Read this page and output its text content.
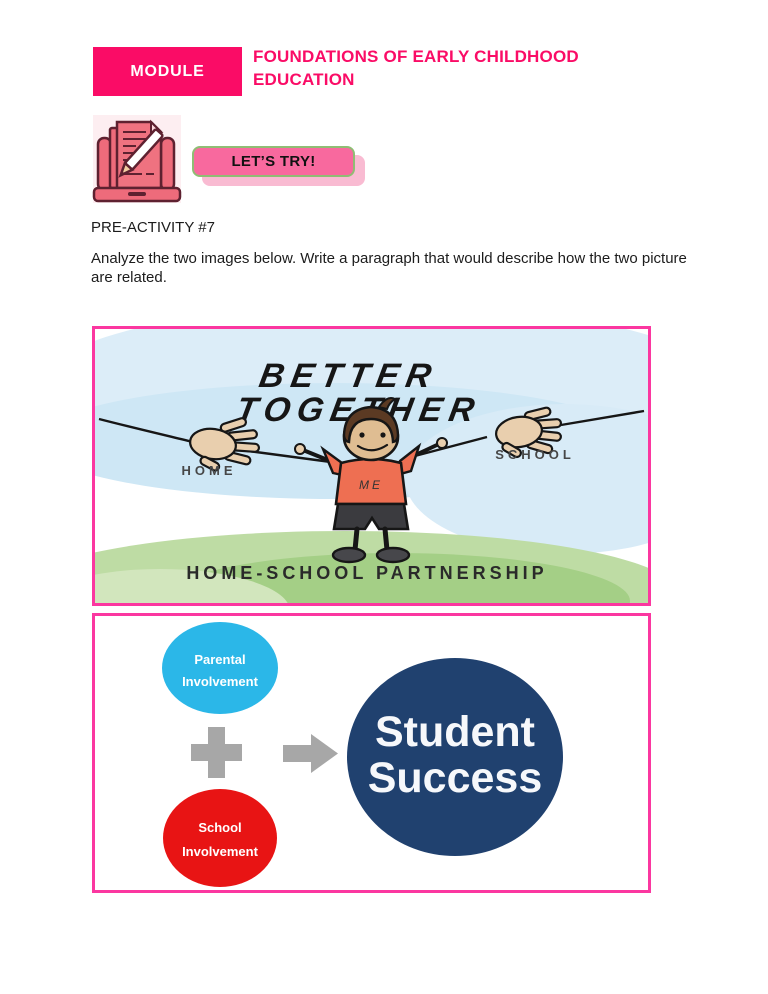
MODULE
FOUNDATIONS OF EARLY CHILDHOOD
EDUCATION
LET’S TRY!
PRE-ACTIVITY #7
Analyze the two images below. Write a paragraph that would describe how the two picture are related.
BETTER
ME
HOME
SCHOOL
HOME-SCHOOL PARTNERSHIP
Parental
Involvement
School
Involvement
Student
Success
